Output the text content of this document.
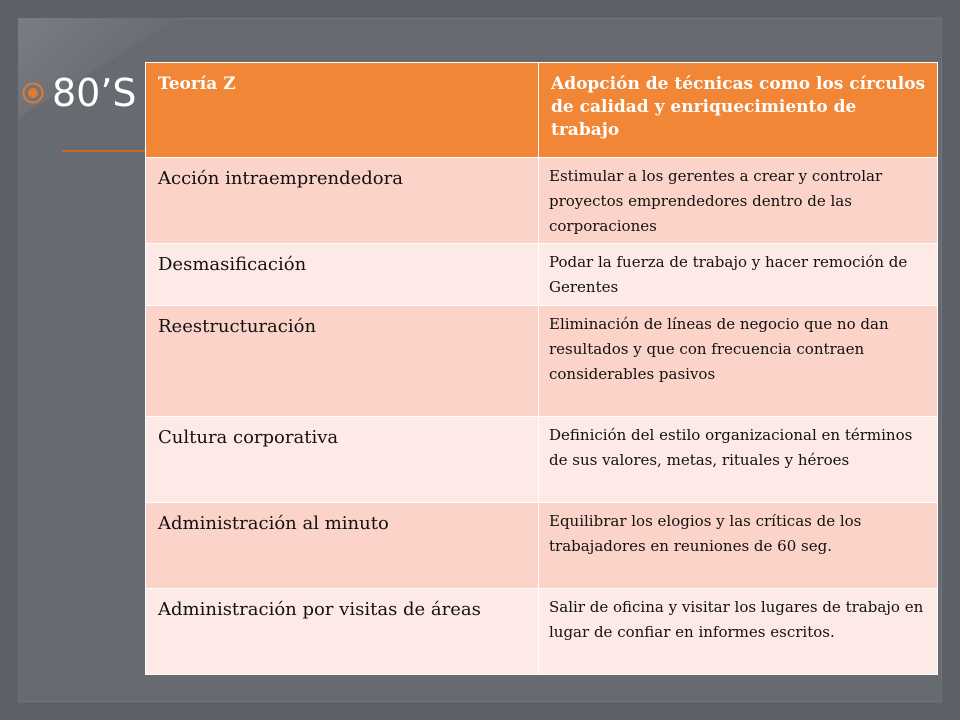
80’S Teoría Z	Adopción de técnicas como los círculos de calidad y enriquecimiento de trabajo
Acción intraemprendedora	Estimular a los gerentes a crear y controlar proyectos emprendedores dentro de las corporaciones
Desmasificación	Podar la fuerza de trabajo y hacer remoción de Gerentes
Reestructuración	Eliminación de líneas de negocio que no dan resultados y que con frecuencia contraen considerables pasivos
Cultura corporativa	Definición del estilo organizacional en términos de sus valores, metas, rituales y héroes
Administración al minuto	Equilibrar los elogios y las críticas de los trabajadores en reuniones de 60 seg.
Administración por visitas de áreas	Salir de oficina y visitar los lugares de trabajo en lugar de confiar en informes escritos.
